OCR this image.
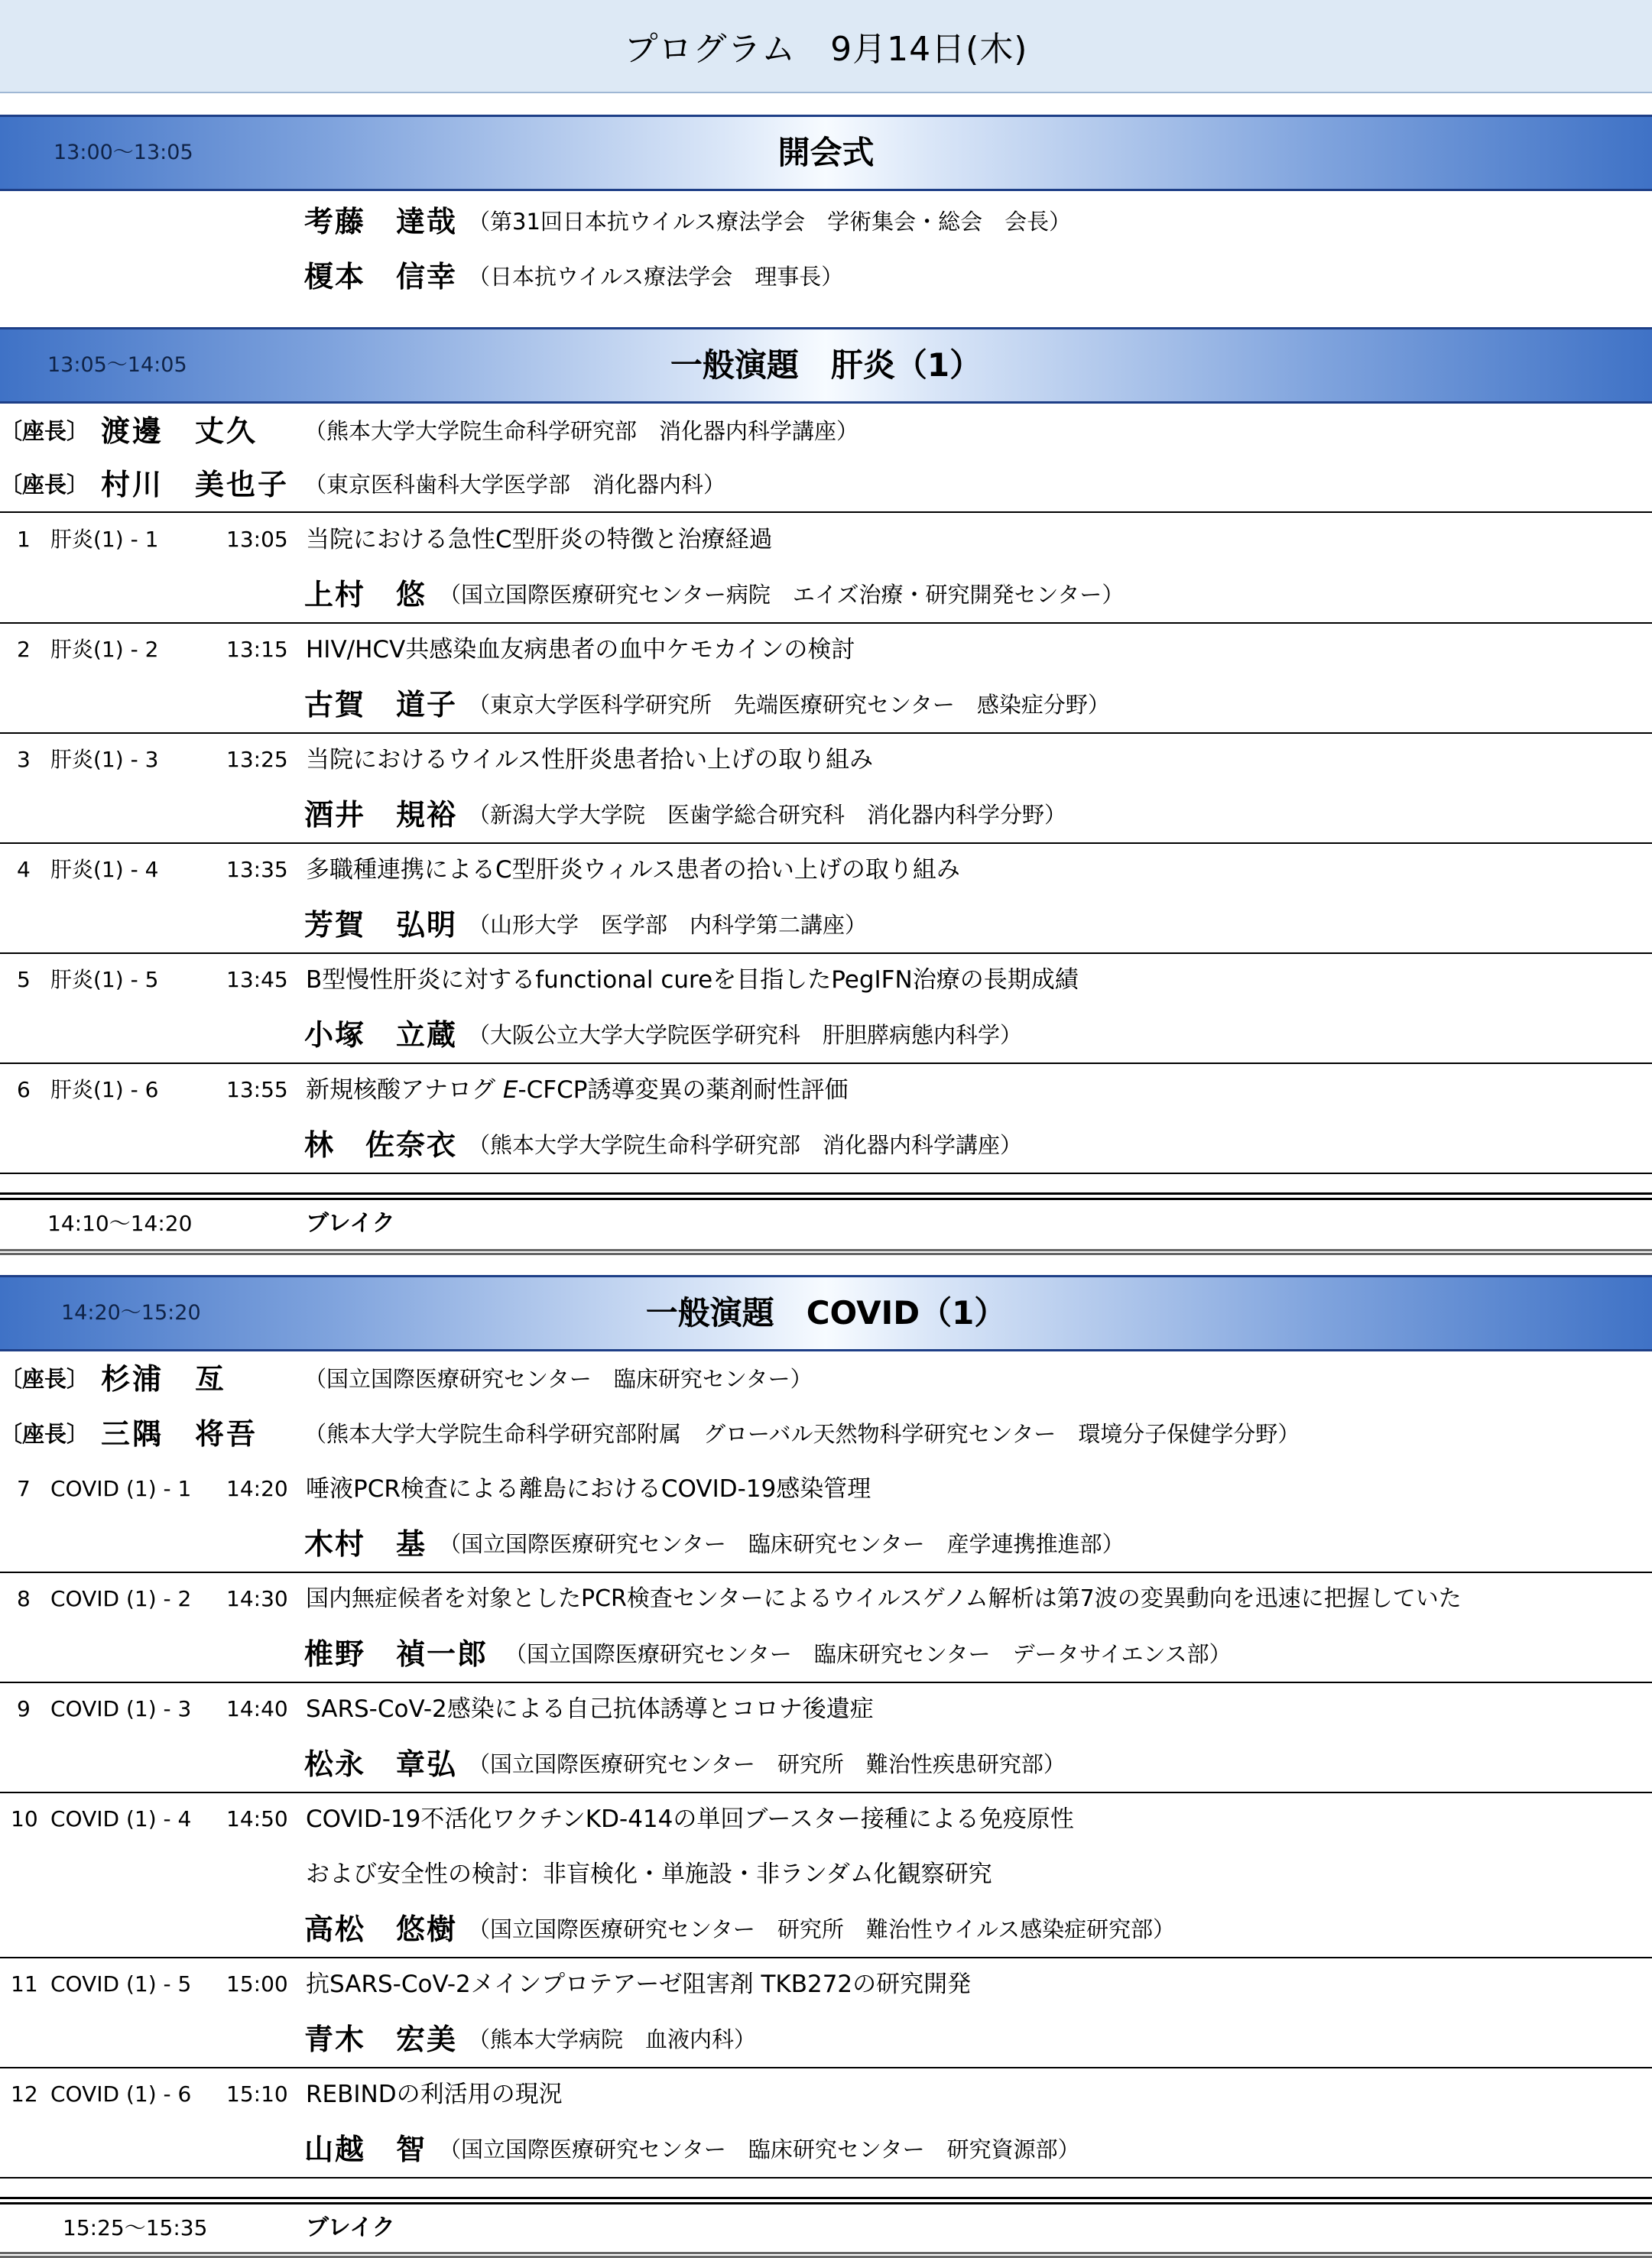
プログラム　9月14日(木)
13:00〜13:05	開会式
考藤　達哉 （第31回日本抗ウイルス療法学会　学術集会・総会　会長）
榎本　信幸 （日本抗ウイルス療法学会　理事長）
13:05〜14:05	一般演題　肝炎（1）
〔座長〕 渡邊　丈久 （熊本大学大学院生命科学研究部　消化器内科学講座）
〔座長〕 村川　美也子 （東京医科歯科大学医学部　消化器内科）
1 肝炎(1) - 1	13:05 当院における急性C型肝炎の特徴と治療経過
上村　悠 （国立国際医療研究センター病院　エイズ治療・研究開発センター）
2 肝炎(1) - 2	13:15 HIV/HCV共感染血友病患者の血中ケモカインの検討
古賀　道子 （東京大学医科学研究所　先端医療研究センター　感染症分野）
3 肝炎(1) - 3	13:25 当院におけるウイルス性肝炎患者拾い上げの取り組み
酒井　規裕 （新潟大学大学院　医歯学総合研究科　消化器内科学分野）
4 肝炎(1) - 4	13:35 多職種連携によるC型肝炎ウィルス患者の拾い上げの取り組み
芳賀　弘明 （山形大学　医学部　内科学第二講座）
5 肝炎(1) - 5	13:45 B型慢性肝炎に対するfunctional cureを目指したPegIFN治療の長期成績
小塚　立蔵 （大阪公立大学大学院医学研究科　肝胆膵病態内科学）
6 肝炎(1) - 6	13:55 新規核酸アナログ E-CFCP誘導変異の薬剤耐性評価
林　佐奈衣 （熊本大学大学院生命科学研究部　消化器内科学講座）
14:10〜14:20	ブレイク
14:20〜15:20	一般演題　COVID（1）
〔座長〕 杉浦　亙	（国立国際医療研究センター　臨床研究センター）
〔座長〕 三隅　将吾 （熊本大学大学院生命科学研究部附属　グローバル天然物科学研究センター　環境分子保健学分野）
7 COVID (1) - 1 14:20 唾液PCR検査による離島におけるCOVID-19感染管理
木村　基 （国立国際医療研究センター　臨床研究センター　産学連携推進部）
8 COVID (1) - 2 14:30 国内無症候者を対象としたPCR検査センターによるウイルスゲノム解析は第7波の変異動向を迅速に把握していた
椎野　禎一郎 （国立国際医療研究センター　臨床研究センター　データサイエンス部）
9 COVID (1) - 3 14:40 SARS-CoV-2感染による自己抗体誘導とコロナ後遺症
松永　章弘 （国立国際医療研究センター　研究所　難治性疾患研究部）
10 COVID (1) - 4 14:50 COVID-19不活化ワクチンKD-414の単回ブースター接種による免疫原性
および安全性の検討：非盲検化・単施設・非ランダム化観察研究
高松　悠樹 （国立国際医療研究センター　研究所　難治性ウイルス感染症研究部）
11 COVID (1) - 5 15:00 抗SARS-CoV-2メインプロテアーゼ阻害剤 TKB272の研究開発
青木　宏美 （熊本大学病院　血液内科）
12 COVID (1) - 6 15:10 REBINDの利活用の現況
山越　智 （国立国際医療研究センター　臨床研究センター　研究資源部）
15:25〜15:35	ブレイク
